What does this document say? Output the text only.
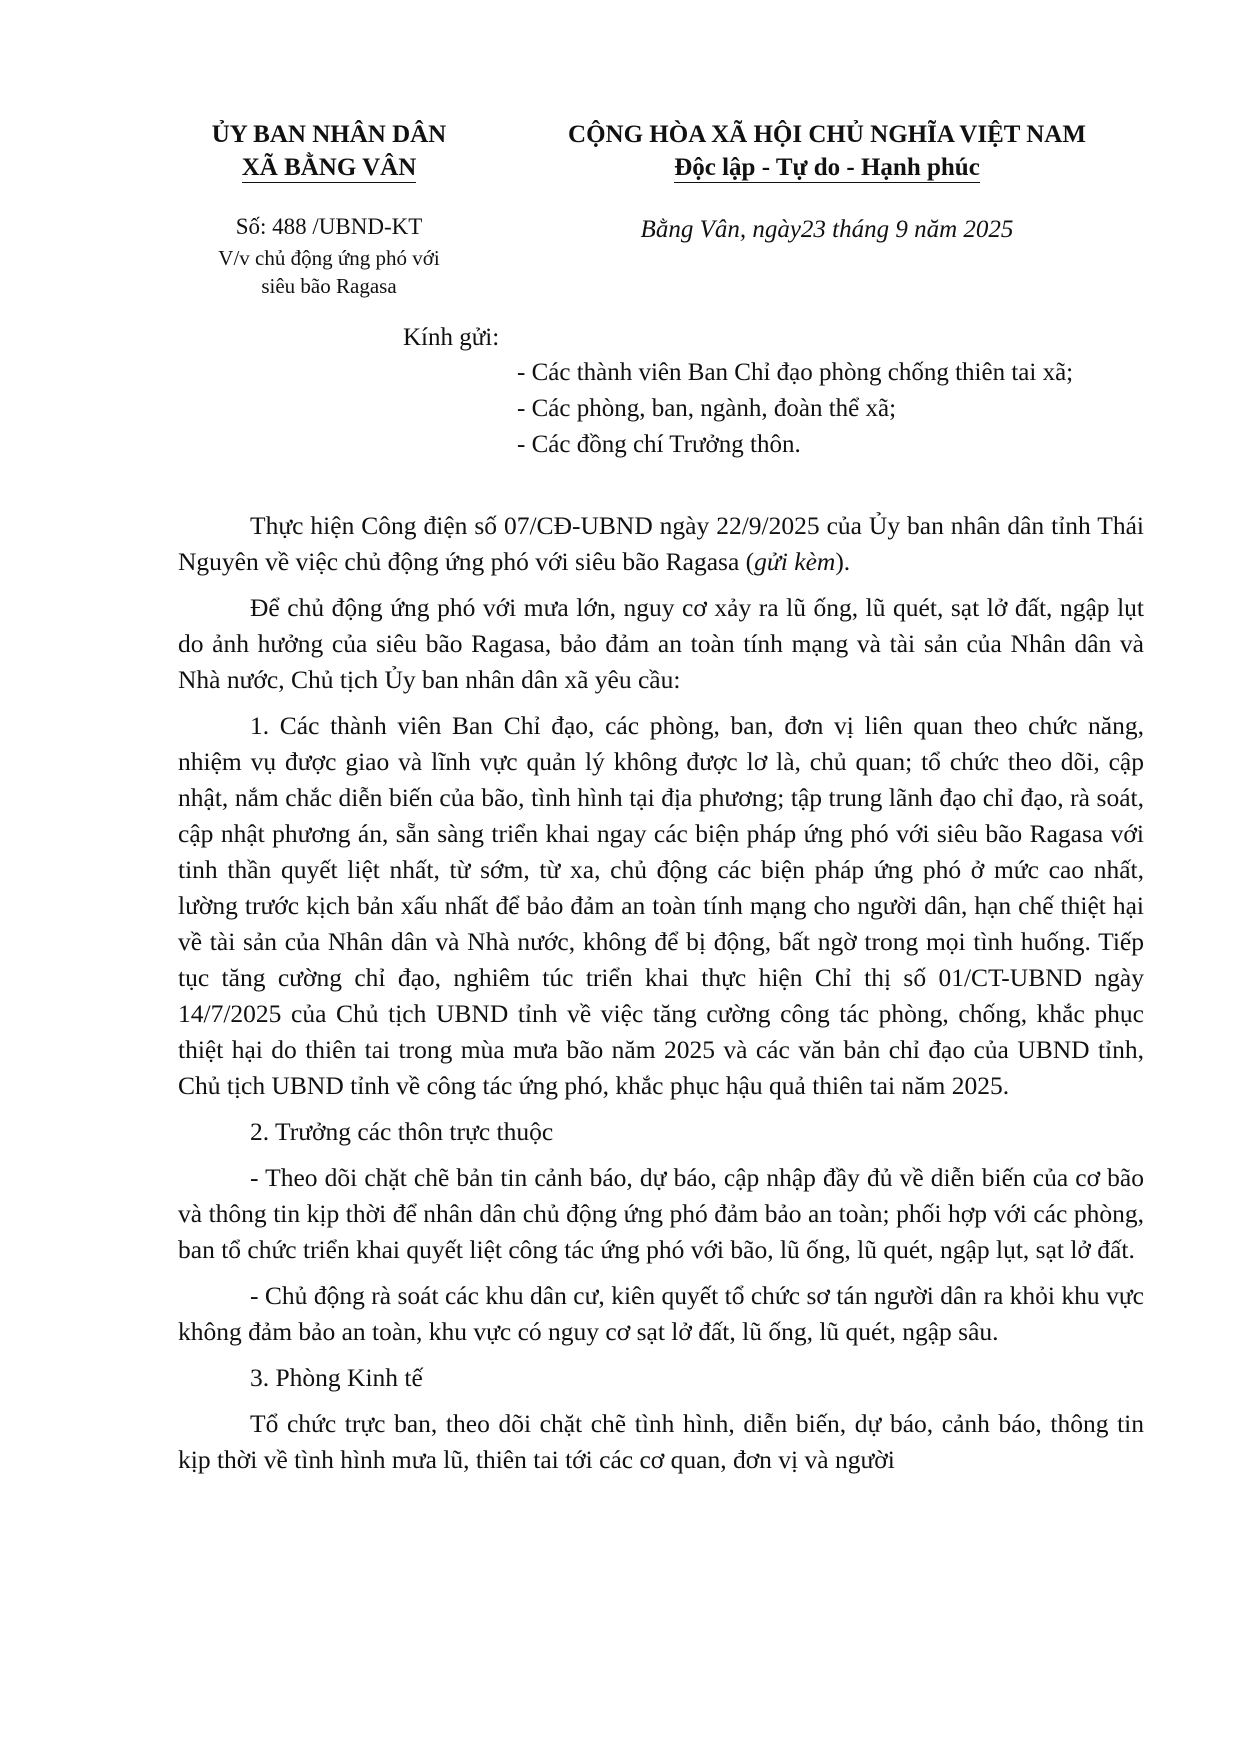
ỦY BAN NHÂN DÂN
XÃ BẰNG VÂN
CỘNG HÒA XÃ HỘI CHỦ NGHĨA VIỆT NAM
Độc lập - Tự do - Hạnh phúc
Số: 488 /UBND-KT
V/v chủ động ứng phó với
siêu bão Ragasa
Bằng Vân, ngày23 tháng 9 năm 2025
Kính gửi:
- Các thành viên Ban Chỉ đạo phòng chống thiên tai xã;
- Các phòng, ban, ngành, đoàn thể xã;
- Các đồng chí Trưởng thôn.

Thực hiện Công điện số 07/CĐ-UBND ngày 22/9/2025 của Ủy ban nhân dân tỉnh Thái Nguyên về việc chủ động ứng phó với siêu bão Ragasa (gửi kèm).

Để chủ động ứng phó với mưa lớn, nguy cơ xảy ra lũ ống, lũ quét, sạt lở đất, ngập lụt do ảnh hưởng của siêu bão Ragasa, bảo đảm an toàn tính mạng và tài sản của Nhân dân và Nhà nước, Chủ tịch Ủy ban nhân dân xã yêu cầu:

1. Các thành viên Ban Chỉ đạo, các phòng, ban, đơn vị liên quan theo chức năng, nhiệm vụ được giao và lĩnh vực quản lý không được lơ là, chủ quan; tổ chức theo dõi, cập nhật, nắm chắc diễn biến của bão, tình hình tại địa phương; tập trung lãnh đạo chỉ đạo, rà soát, cập nhật phương án, sẵn sàng triển khai ngay các biện pháp ứng phó với siêu bão Ragasa với tinh thần quyết liệt nhất, từ sớm, từ xa, chủ động các biện pháp ứng phó ở mức cao nhất, lường trước kịch bản xấu nhất để bảo đảm an toàn tính mạng cho người dân, hạn chế thiệt hại về tài sản của Nhân dân và Nhà nước, không để bị động, bất ngờ trong mọi tình huống. Tiếp tục tăng cường chỉ đạo, nghiêm túc triển khai thực hiện Chỉ thị số 01/CT-UBND ngày 14/7/2025 của Chủ tịch UBND tỉnh về việc tăng cường công tác phòng, chống, khắc phục thiệt hại do thiên tai trong mùa mưa bão năm 2025 và các văn bản chỉ đạo của UBND tỉnh, Chủ tịch UBND tỉnh về công tác ứng phó, khắc phục hậu quả thiên tai năm 2025.

2. Trưởng các thôn trực thuộc

- Theo dõi chặt chẽ bản tin cảnh báo, dự báo, cập nhập đầy đủ về diễn biến của cơ bão và thông tin kịp thời để nhân dân chủ động ứng phó đảm bảo an toàn; phối hợp với các phòng, ban tổ chức triển khai quyết liệt công tác ứng phó với bão, lũ ống, lũ quét, ngập lụt, sạt lở đất.

- Chủ động rà soát các khu dân cư, kiên quyết tổ chức sơ tán người dân ra khỏi khu vực không đảm bảo an toàn, khu vực có nguy cơ sạt lở đất, lũ ống, lũ quét, ngập sâu.

3. Phòng Kinh tế

Tổ chức trực ban, theo dõi chặt chẽ tình hình, diễn biến, dự báo, cảnh báo, thông tin kịp thời về tình hình mưa lũ, thiên tai tới các cơ quan, đơn vị và người
